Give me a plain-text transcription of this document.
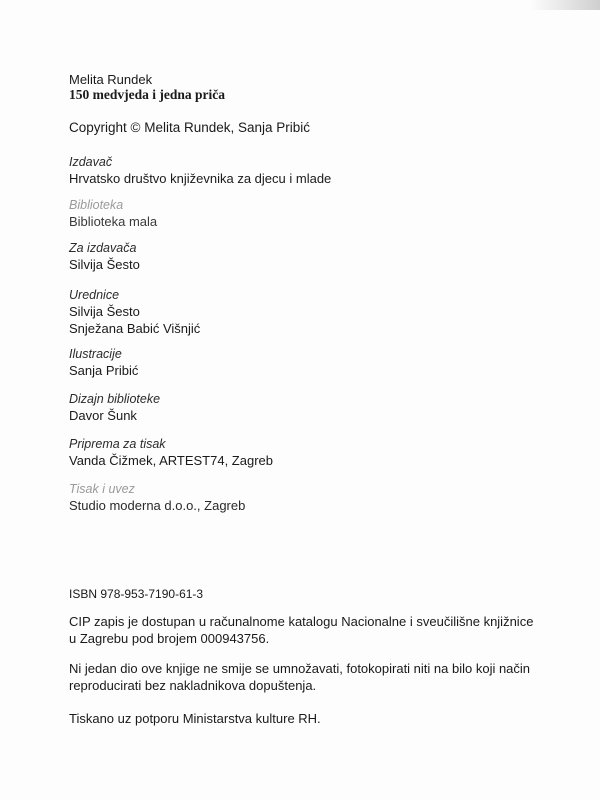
Melita Rundek
150 medvjeda i jedna priča
Copyright © Melita Rundek, Sanja Pribić
Izdavač
Hrvatsko društvo književnika za djecu i mlade
Biblioteka
Biblioteka mala
Za izdavača
Silvija Šesto
Urednice
Silvija Šesto
Snježana Babić Višnjić
Ilustracije
Sanja Pribić
Dizajn biblioteke
Davor Šunk
Priprema za tisak
Vanda Čižmek, ARTEST74, Zagreb
Tisak i uvez
Studio moderna d.o.o., Zagreb
ISBN 978-953-7190-61-3
CIP zapis je dostupan u računalnome katalogu Nacionalne i sveučilišne knjižnice u Zagrebu pod brojem 000943756.
Ni jedan dio ove knjige ne smije se umnožavati, fotokopirati niti na bilo koji način reproducirati bez nakladnikova dopuštenja.
Tiskano uz potporu Ministarstva kulture RH.
